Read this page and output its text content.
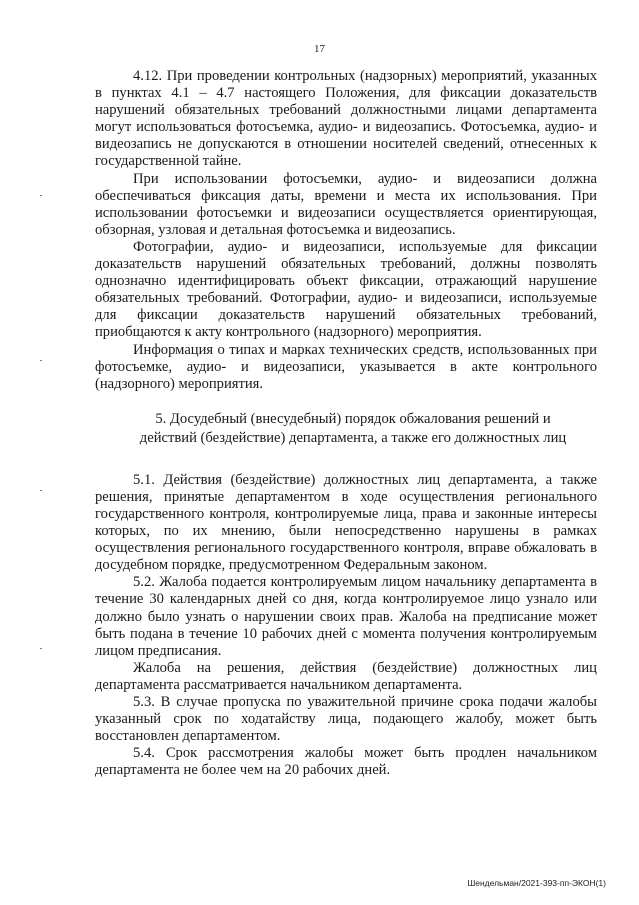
17

4.12. При проведении контрольных (надзорных) мероприятий, указанных в пунктах 4.1 – 4.7 настоящего Положения, для фиксации доказательств нарушений обязательных требований должностными лицами департамента могут использоваться фотосъемка, аудио- и видеозапись. Фотосъемка, аудио- и видеозапись не допускаются в отношении носителей сведений, отнесенных к государственной тайне.

При использовании фотосъемки, аудио- и видеозаписи должна обеспечиваться фиксация даты, времени и места их использования. При использовании фотосъемки и видеозаписи осуществляется ориентирующая, обзорная, узловая и детальная фотосъемка и видеозапись.

Фотографии, аудио- и видеозаписи, используемые для фиксации доказательств нарушений обязательных требований, должны позволять однозначно идентифицировать объект фиксации, отражающий нарушение обязательных требований. Фотографии, аудио- и видеозаписи, используемые для фиксации доказательств нарушений обязательных требований, приобщаются к акту контрольного (надзорного) мероприятия.

Информация о типах и марках технических средств, использованных при фотосъемке, аудио- и видеозаписи, указывается в акте контрольного (надзорного) мероприятия.

5. Досудебный (внесудебный) порядок обжалования решений и
действий (бездействие) департамента, а также его должностных лиц

5.1. Действия (бездействие) должностных лиц департамента, а также решения, принятые департаментом в ходе осуществления регионального государственного контроля, контролируемые лица, права и законные интересы которых, по их мнению, были непосредственно нарушены в рамках осуществления регионального государственного контроля, вправе обжаловать в досудебном порядке, предусмотренном Федеральным законом.

5.2. Жалоба подается контролируемым лицом начальнику департамента в течение 30 календарных дней со дня, когда контролируемое лицо узнало или должно было узнать о нарушении своих прав. Жалоба на предписание может быть подана в течение 10 рабочих дней с момента получения контролируемым лицом предписания.

Жалоба на решения, действия (бездействие) должностных лиц департамента рассматривается начальником департамента.

5.3. В случае пропуска по уважительной причине срока подачи жалобы указанный срок по ходатайству лица, подающего жалобу, может быть восстановлен департаментом.

5.4. Срок рассмотрения жалобы может быть продлен начальником департамента не более чем на 20 рабочих дней.

Шендельман/2021-393-пп-ЭКОН(1)
